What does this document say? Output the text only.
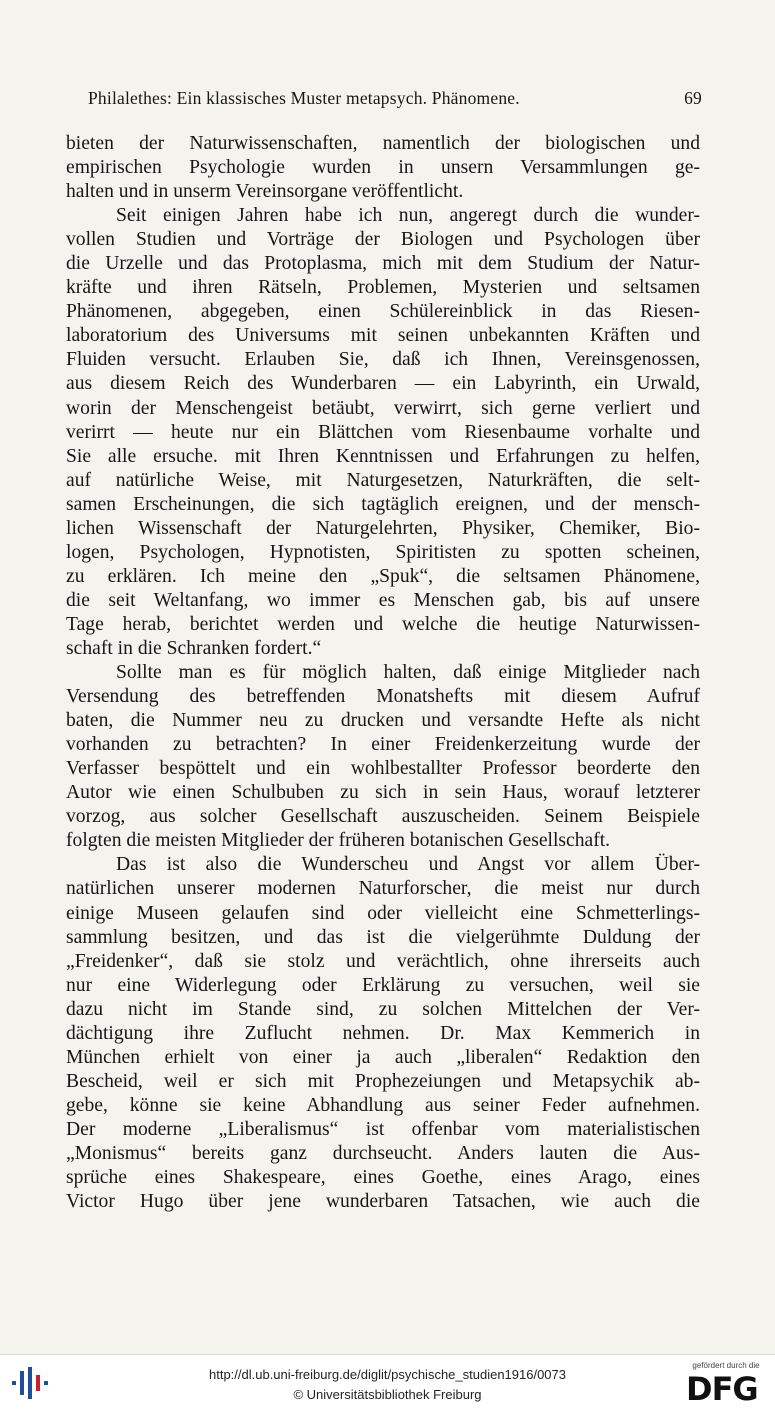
Philalethes: Ein klassisches Muster metapsych. Phänomene.	69
bieten der Naturwissenschaften, namentlich der biologischen und
empirischen Psychologie wurden in unsern Versammlungen ge-
halten und in unserm Vereinsorgane veröffentlicht.
Seit einigen Jahren habe ich nun, angeregt durch die wunder-
vollen Studien und Vorträge der Biologen und Psychologen über
die Urzelle und das Protoplasma, mich mit dem Studium der Natur-
kräfte und ihren Rätseln, Problemen, Mysterien und seltsamen
Phänomenen, abgegeben, einen Schülereinblick in das Riesen-
laboratorium des Universums mit seinen unbekannten Kräften und
Fluiden versucht. Erlauben Sie, daß ich Ihnen, Vereinsgenossen,
aus diesem Reich des Wunderbaren — ein Labyrinth, ein Urwald,
worin der Menschengeist betäubt, verwirrt, sich gerne verliert und
verirrt — heute nur ein Blättchen vom Riesenbaume vorhalte und
Sie alle ersuche. mit Ihren Kenntnissen und Erfahrungen zu helfen,
auf natürliche Weise, mit Naturgesetzen, Naturkräften, die selt-
samen Erscheinungen, die sich tagtäglich ereignen, und der mensch-
lichen Wissenschaft der Naturgelehrten, Physiker, Chemiker, Bio-
logen, Psychologen, Hypnotisten, Spiritisten zu spotten scheinen,
zu erklären. Ich meine den „Spuk“, die seltsamen Phänomene,
die seit Weltanfang, wo immer es Menschen gab, bis auf unsere
Tage herab, berichtet werden und welche die heutige Naturwissen-
schaft in die Schranken fordert.“
Sollte man es für möglich halten, daß einige Mitglieder nach
Versendung des betreffenden Monatshefts mit diesem Aufruf
baten, die Nummer neu zu drucken und versandte Hefte als nicht
vorhanden zu betrachten? In einer Freidenkerzeitung wurde der
Verfasser bespöttelt und ein wohlbestallter Professor beorderte den
Autor wie einen Schulbuben zu sich in sein Haus, worauf letzterer
vorzog, aus solcher Gesellschaft auszuscheiden. Seinem Beispiele
folgten die meisten Mitglieder der früheren botanischen Gesellschaft.
Das ist also die Wunderscheu und Angst vor allem Über-
natürlichen unserer modernen Naturforscher, die meist nur durch
einige Museen gelaufen sind oder vielleicht eine Schmetterlings-
sammlung besitzen, und das ist die vielgerühmte Duldung der
„Freidenker“, daß sie stolz und verächtlich, ohne ihrerseits auch
nur eine Widerlegung oder Erklärung zu versuchen, weil sie
dazu nicht im Stande sind, zu solchen Mittelchen der Ver-
dächtigung ihre Zuflucht nehmen. Dr. Max Kemmerich in
München erhielt von einer ja auch „liberalen“ Redaktion den
Bescheid, weil er sich mit Prophezeiungen und Metapsychik ab-
gebe, könne sie keine Abhandlung aus seiner Feder aufnehmen.
Der moderne „Liberalismus“ ist offenbar vom materialistischen
„Monismus“ bereits ganz durchseucht. Anders lauten die Aus-
sprüche eines Shakespeare, eines Goethe, eines Arago, eines
Victor Hugo über jene wunderbaren Tatsachen, wie auch die
http://dl.ub.uni-freiburg.de/diglit/psychische_studien1916/0073
© Universitätsbibliothek Freiburg
gefördert durch die
DFG
